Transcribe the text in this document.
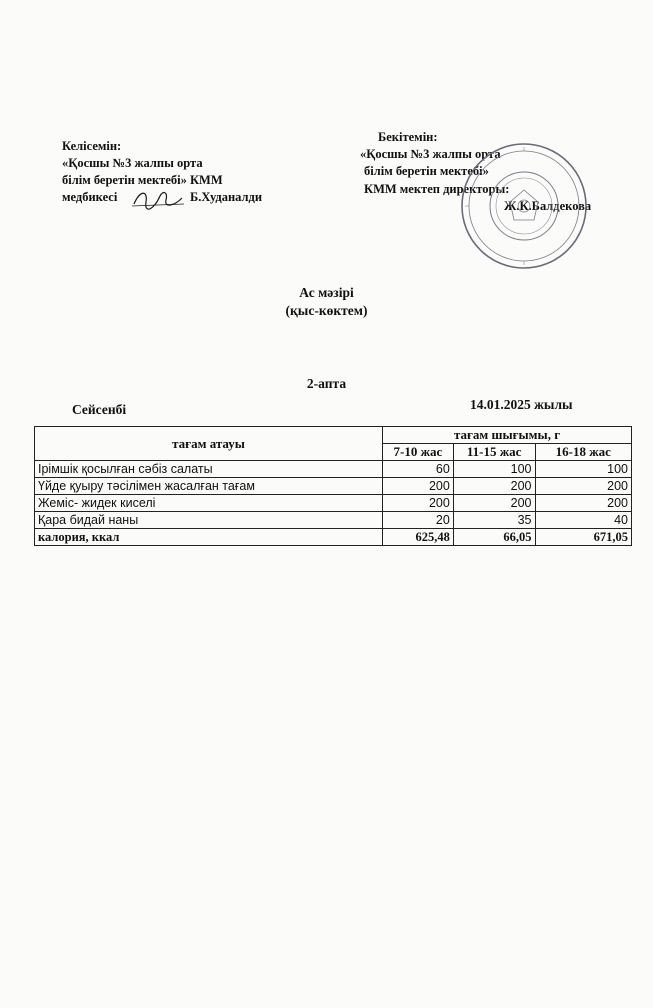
Келісемін:
«Қосшы №3 жалпы орта
білім беретін мектебі» КММ
медбикесі	Б.Худаналди
Бекітемін:
«Қосшы №3 жалпы орта
білім беретін мектебі»
КММ мектеп директоры:
Ж.К.Балдекова
Ас мәзірі
(қыс-көктем)
2-апта
Сейсенбі	14.01.2025 жылы
тағам атауы	тағам шығымы, г		
	7-10 жас	11-15 жас	16-18 жас
Ірімшік қосылған сәбіз салаты	60	100	100
Үйде қуыру тәсілімен жасалған тағам	200	200	200
Жеміс- жидек киселі	200	200	200
Қара бидай наны	20	35	40
калория, ккал	625,48	66,05	671,05
